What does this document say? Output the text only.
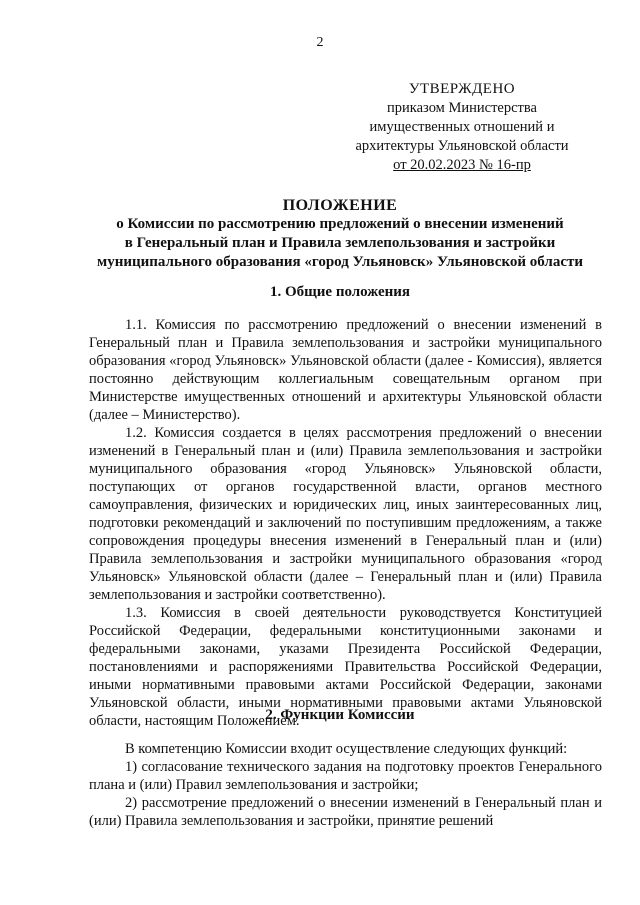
2
УТВЕРЖДЕНО
приказом Министерства
имущественных отношений и
архитектуры Ульяновской области
от 20.02.2023 № 16-пр
ПОЛОЖЕНИЕ
о Комиссии по рассмотрению предложений о внесении изменений
в Генеральный план и Правила землепользования и застройки
муниципального образования «город Ульяновск» Ульяновской области
1. Общие положения

1.1. Комиссия по рассмотрению предложений о внесении изменений в Генеральный план и Правила землепользования и застройки муниципального образования «город Ульяновск» Ульяновской области (далее - Комиссия), является постоянно действующим коллегиальным совещательным органом при Министерстве имущественных отношений и архитектуры Ульяновской области (далее – Министерство).

1.2. Комиссия создается в целях рассмотрения предложений о внесении изменений в Генеральный план и (или) Правила землепользования и застройки муниципального образования «город Ульяновск» Ульяновской области, поступающих от органов государственной власти, органов местного самоуправления, физических и юридических лиц, иных заинтересованных лиц, подготовки рекомендаций и заключений по поступившим предложениям, а также сопровождения процедуры внесения изменений в Генеральный план и (или) Правила землепользования и застройки муниципального образования «город Ульяновск» Ульяновской области (далее – Генеральный план и (или) Правила землепользования и застройки соответственно).

1.3. Комиссия в своей деятельности руководствуется Конституцией Российской Федерации, федеральными конституционными законами и федеральными законами, указами Президента Российской Федерации, постановлениями и распоряжениями Правительства Российской Федерации, иными нормативными правовыми актами Российской Федерации, законами Ульяновской области, иными нормативными правовыми актами Ульяновской области, настоящим Положением.

2. Функции Комиссии

В компетенцию Комиссии входит осуществление следующих функций:

1) согласование технического задания на подготовку проектов Генерального плана и (или) Правил землепользования и застройки;

2) рассмотрение предложений о внесении изменений в Генеральный план и (или) Правила землепользования и застройки, принятие решений
